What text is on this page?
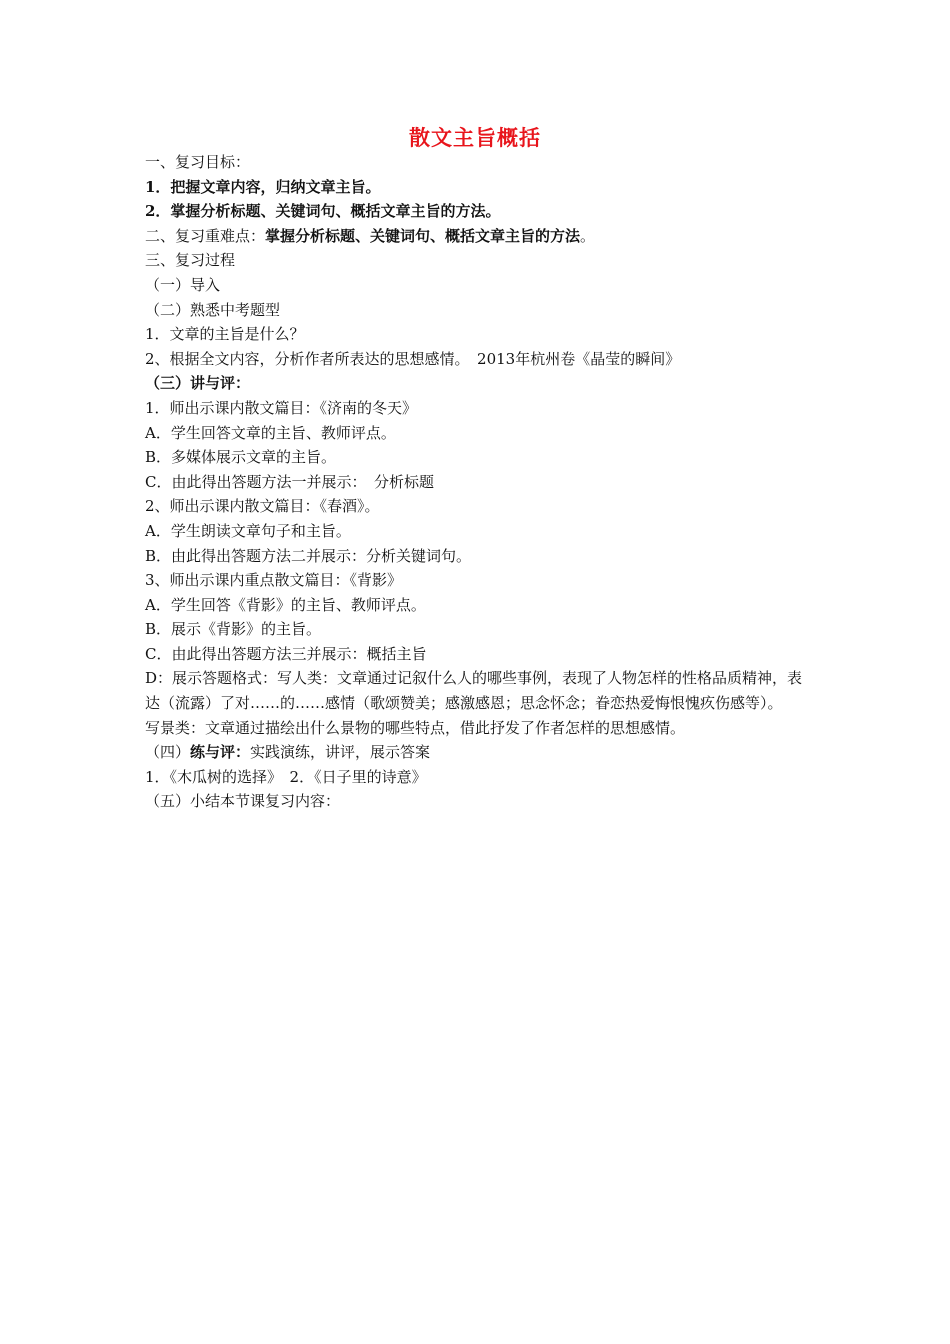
散文主旨概括
一、复习目标：
1．把握文章内容，归纳文章主旨。
2．掌握分析标题、关键词句、概括文章主旨的方法。
二、复习重难点：掌握分析标题、关键词句、概括文章主旨的方法。
三、复习过程
（一）导入
（二）熟悉中考题型
1．文章的主旨是什么？
2、根据全文内容，分析作者所表达的思想感情。　2013年杭州卷《晶莹的瞬间》
（三）讲与评：
1．师出示课内散文篇目：《济南的冬天》
A．学生回答文章的主旨、教师评点。
B．多媒体展示文章的主旨。
C．由此得出答题方法一并展示：　分析标题
2、师出示课内散文篇目：《春酒》。
A．学生朗读文章句子和主旨。
B．由此得出答题方法二并展示：分析关键词句。
3、师出示课内重点散文篇目：《背影》
A．学生回答《背影》的主旨、教师评点。
B．展示《背影》的主旨。
C．由此得出答题方法三并展示：概括主旨
D：展示答题格式：写人类：文章通过记叙什么人的哪些事例，表现了人物怎样的性格品质精神，表达（流露）了对……的……感情（歌颂赞美；感激感恩；思念怀念；眷恋热爱悔恨愧疚伤感等）。
写景类：文章通过描绘出什么景物的哪些特点，借此抒发了作者怎样的思想感情。
（四）练与评：实践演练，讲评，展示答案
1．《木瓜树的选择》　2．《日子里的诗意》
（五）小结本节课复习内容：
